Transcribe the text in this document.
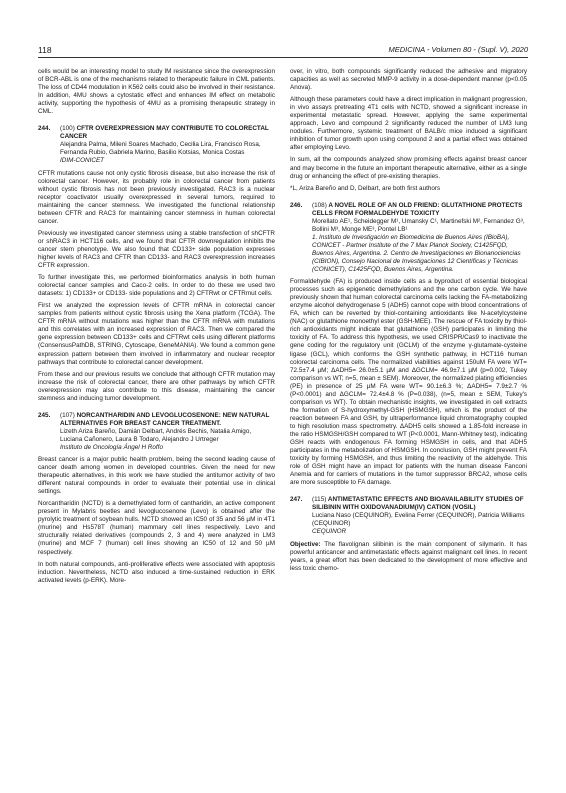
118	MEDICINA - Volumen 80 - (Supl. V), 2020

cells would be an interesting model to study IM resistance since the overexpression of BCR-ABL is one of the mechanisms related to therapeutic failure in CML patients. The loss of CD44 modulation in K562 cells could also be involved in their resistance. In addition, 4MU shows a cytostatic effect and enhances IM effect on metabolic activity, supporting the hypothesis of 4MU as a promising therapeutic strategy in CML.

244.	(100) CFTR OVEREXPRESSION MAY CONTRIBUTE TO COLORECTAL CANCER
Alejandra Palma, Mileni Soares Machado, Cecilia Lira, Francisco Rosa, Fernanda Rubio, Gabriela Marino, Basilio Kotsias, Monica Costas
IDIM-CONICET

CFTR mutations cause not only cystic fibrosis disease, but also increase the risk of colorectal cancer. However, its probably role in colorectal cancer from patients without cystic fibrosis has not been previously investigated. RAC3 is a nuclear receptor coactivator usually overexpressed in several tumors, required to maintaining the cancer stemness. We investigated the functional relationship between CFTR and RAC3 for maintaining cancer stemness in human colorectal cancer.

Previously we investigated cancer stemness using a stable transfection of shCFTR or shRAC3 in HCT116 cells, and we found that CFTR downregulation inhibits the cancer stem phenotype. We also found that CD133+ side population expresses higher levels of RAC3 and CFTR than CD133- and RAC3 overexpression increases CFTR expression.

To further investigate this, we performed bioinformatics analysis in both human colorectal cancer samples and Caco-2 cells. In order to do these we used two datasets: 1) CD133+ or CD133- side populations and 2) CFTRwt or CFTRmut cells.

First we analyzed the expression levels of CFTR mRNA in colorectal cancer samples from patients without cystic fibrosis using the Xena platform (TCGA). The CFTR mRNA without mutations was higher than the CFTR mRNA with mutations and this correlates with an increased expression of RAC3. Then we compared the gene expression between CD133+ cells and CFTRwt cells using different platforms (ConsensusPathDB, STRING, Cytoscape, GeneMANIA). We found a common gene expression pattern between them involved in inflammatory and nuclear receptor pathways that contribute to colorectal cancer development.

From these and our previous results we conclude that although CFTR mutation may increase the risk of colorectal cancer, there are other pathways by which CFTR overexpression may also contribute to this disease, maintaining the cancer stemness and inducing tumor development.

245.	(107) NORCANTHARIDIN AND LEVOGLUCOSENONE: NEW NATURAL ALTERNATIVES FOR BREAST CANCER TREATMENT.
Lizeth Ariza Bareño, Damián Delbart, Andrés Bechis, Natalia Amigo, Luciana Cañonero, Laura B Todaro, Alejandro J Urtreger
Instituto de Oncología Ángel H Roffo

Breast cancer is a major public health problem, being the second leading cause of cancer death among women in developed countries. Given the need for new therapeutic alternatives, in this work we have studied the antitumor activity of two different natural compounds in order to evaluate their potential use in clinical settings.

Norcantharidin (NCTD) is a demethylated form of cantharidin, an active component present in Mylabris beetles and levoglucosenone (Levo) is obtained after the pyrolytic treatment of soybean hulls. NCTD showed an IC50 of 35 and 56 µM in 4T1 (murine) and Hs578T (human) mammary cell lines respectively. Levo and structurally related derivatives (compounds 2, 3 and 4) were analyzed in LM3 (murine) and MCF 7 (human) cell lines showing an IC50 of 12 and 50 µM respectively.

In both natural compounds, anti-proliferative effects were associated with apoptosis induction. Nevertheless, NCTD also induced a time-sustained reduction in ERK activated levels (p-ERK). More-

over, in vitro, both compounds significantly reduced the adhesive and migratory capacities as well as secreted MMP-9 activity in a dose-dependent manner (p<0.05 Anova).

Although these parameters could have a direct implication in malignant progression, in vivo assays pretreating 4T1 cells with NCTD, showed a significant increase in experimental metastatic spread. However, applying the same experimental approach, Levo and compound 2 significantly reduced the number of LM3 lung nodules. Furthermore, systemic treatment of BALB/c mice induced a significant inhibition of tumor growth upon using compound 2 and a partial effect was obtained after employing Levo.

In sum, all the compounds analyzed show promising effects against breast cancer and may become in the future an important therapeutic alternative, either as a single drug or enhancing the effect of pre-existing therapies.

*L, Ariza Bareño and D, Delbart, are both first authors

246.	(108) A NOVEL ROLE OF AN OLD FRIEND: GLUTATHIONE PROTECTS CELLS FROM FORMALDEHYDE TOXICITY
Morellato AE¹, Scheidegger M¹, Umansky C¹, Martinefski M², Fernandez G³, Bollini M³, Monge ME³, Pontel LB¹
1. Instituto de Investigación en Biomedicina de Buenos Aires (IBioBA), CONICET - Partner Institute of the 7 Max Planck Society, C1425FQD, Buenos Aires, Argentina. 2. Centro de Investigaciones en Bionanociencias (CIBION), Consejo Nacional de Investigaciones 12 Científicas y Técnicas (CONICET), C1425FQD, Buenos Aires, Argentina.

Formaldehyde (FA) is produced inside cells as a byproduct of essential biological processes such as epigenetic demethylations and the one carbon cycle. We have previously shown that human colorectal carcinoma cells lacking the FA-metabolizing enzyme alcohol dehydrogenase 5 (ADH5) cannot cope with blood concentrations of FA, which can be reverted by thiol-containing antioxidants like N-acetylcysteine (NAC) or glutathione monoethyl ester (GSH-MEE). The rescue of FA toxicity by thiol-rich antioxidants might indicate that glutathione (GSH) participates in limiting the toxicity of FA. To address this hypothesis, we used CRISPR/Cas9 to inactivate the gene coding for the regulatory unit (GCLM) of the enzyme γ-glutamate-cysteine ligase (GCL), which conforms the GSH synthetic pathway, in HCT116 human colorectal carcinoma cells. The normalized viabilities against 150uM FA were WT= 72.5±7.4 µM; ΔADH5= 26.0±5.1 µM and ΔGCLM= 46.9±7.1 µM (p=0.002, Tukey comparison vs WT; n=5, mean ± SEM). Moreover, the normalized plating efficiencies (PE) in presence of 25 µM FA were WT= 90.1±6.3 %; ΔADH5= 7.9±2.7 % (P<0.0001) and ΔGCLM= 72.4±4.8 % (P=0.038), (n=5, mean ± SEM, Tukey's comparison vs WT). To obtain mechanistic insights, we investigated in cell extracts the formation of S-hydroxymethyl-GSH (HSMGSH), which is the product of the reaction between FA and GSH, by ultraperformance liquid chromatography coupled to high resolution mass spectrometry. ΔADH5 cells showed a 1.85-fold increase in the ratio HSMGSH/GSH compared to WT (P<0.0001, Mann-Whitney test), indicating GSH reacts with endogenous FA forming HSMGSH in cells, and that ADH5 participates in the metabolization of HSMGSH. In conclusion, GSH might prevent FA toxicity by forming HSMGSH, and thus limiting the reactivity of the aldehyde. This role of GSH might have an impact for patients with the human disease Fanconi Anemia and for carriers of mutations in the tumor suppressor BRCA2, whose cells are more susceptible to FA damage.

247.	(115) ANTIMETASTATIC EFFECTS AND BIOAVAILABILITY STUDIES OF SILIBININ WITH OXIDOVANADIUM(IV) CATION (VOSIL)
Luciana Naso (CEQUINOR), Evelina Ferrer (CEQUINOR), Patricia Williams (CEQUINOR)
CEQUINOR

Objective: The flavolignan silibinin is the main component of silymarin. It has powerful anticancer and antimetastatic effects against malignant cell lines. In recent years, a great effort has been dedicated to the development of more effective and less toxic chemo-
